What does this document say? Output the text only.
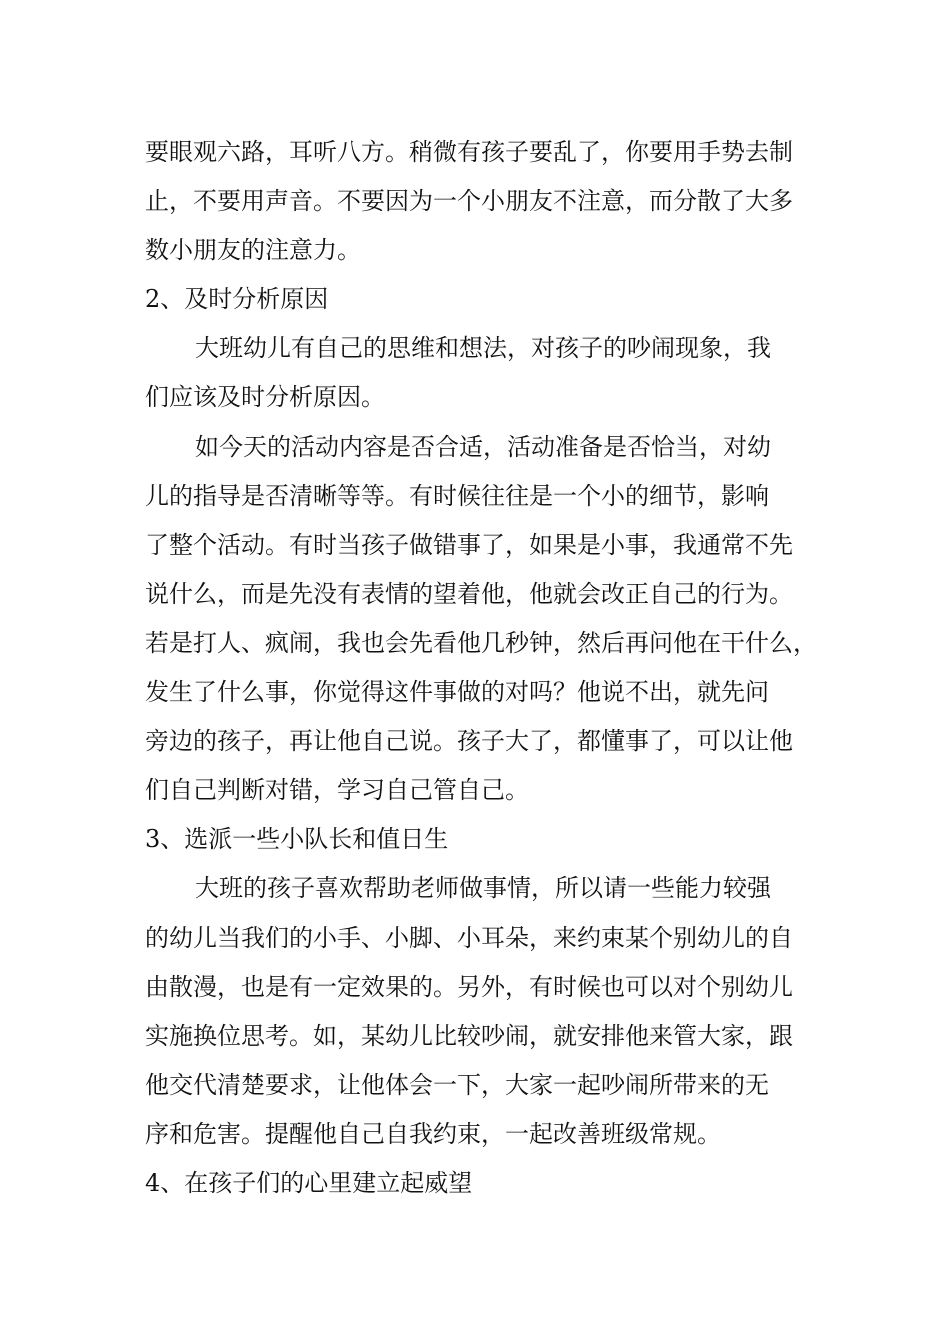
要眼观六路，耳听八方。稍微有孩子要乱了，你要用手势去制
止，不要用声音。不要因为一个小朋友不注意，而分散了大多
数小朋友的注意力。
2、及时分析原因
大班幼儿有自己的思维和想法，对孩子的吵闹现象，我
们应该及时分析原因。
如今天的活动内容是否合适，活动准备是否恰当，对幼
儿的指导是否清晰等等。有时候往往是一个小的细节，影响
了整个活动。有时当孩子做错事了，如果是小事，我通常不先
说什么，而是先没有表情的望着他，他就会改正自己的行为。
若是打人、疯闹，我也会先看他几秒钟，然后再问他在干什么，
发生了什么事，你觉得这件事做的对吗？他说不出，就先问
旁边的孩子，再让他自己说。孩子大了，都懂事了，可以让他
们自己判断对错，学习自己管自己。
3、选派一些小队长和值日生
大班的孩子喜欢帮助老师做事情，所以请一些能力较强
的幼儿当我们的小手、小脚、小耳朵，来约束某个别幼儿的自
由散漫，也是有一定效果的。另外，有时候也可以对个别幼儿
实施换位思考。如，某幼儿比较吵闹，就安排他来管大家，跟
他交代清楚要求，让他体会一下，大家一起吵闹所带来的无
序和危害。提醒他自己自我约束，一起改善班级常规。
4、在孩子们的心里建立起威望
